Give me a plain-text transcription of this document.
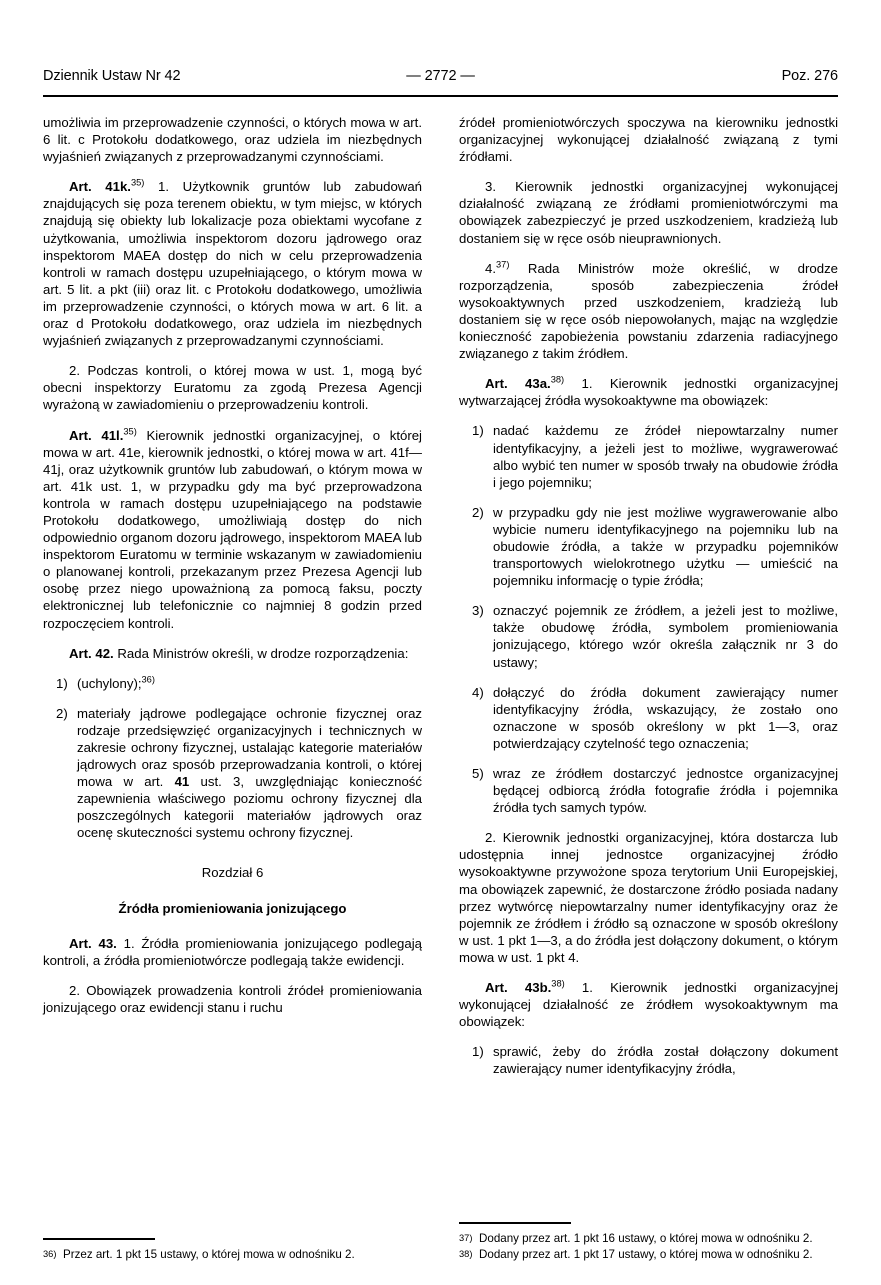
Dziennik Ustaw Nr 42	— 2772 —	Poz. 276

umożliwia im przeprowadzenie czynności, o których mowa w art. 6 lit. c Protokołu dodatkowego, oraz udziela im niezbędnych wyjaśnień związanych z przeprowadzanymi czynnościami.

Art. 41k.$^{35)}$ 1. Użytkownik gruntów lub zabudowań znajdujących się poza terenem obiektu, w tym miejsc, w których znajdują się obiekty lub lokalizacje poza obiektami wycofane z użytkowania, umożliwia inspektorom dozoru jądrowego oraz inspektorom MAEA dostęp do nich w celu przeprowadzenia kontroli w ramach dostępu uzupełniającego, o którym mowa w art. 5 lit. a pkt (iii) oraz lit. c Protokołu dodatkowego, umożliwia im przeprowadzenie czynności, o których mowa w art. 6 lit. a oraz d Protokołu dodatkowego, oraz udziela im niezbędnych wyjaśnień związanych z przeprowadzanymi czynnościami.

2. Podczas kontroli, o której mowa w ust. 1, mogą być obecni inspektorzy Euratomu za zgodą Prezesa Agencji wyrażoną w zawiadomieniu o przeprowadzeniu kontroli.

Art. 41l.$^{35)}$ Kierownik jednostki organizacyjnej, o której mowa w art. 41e, kierownik jednostki, o której mowa w art. 41f—41j, oraz użytkownik gruntów lub zabudowań, o którym mowa w art. 41k ust. 1, w przypadku gdy ma być przeprowadzona kontrola w ramach dostępu uzupełniającego na podstawie Protokołu dodatkowego, umożliwiają dostęp do nich odpowiednio organom dozoru jądrowego, inspektorom MAEA lub inspektorom Euratomu w terminie wskazanym w zawiadomieniu o planowanej kontroli, przekazanym przez Prezesa Agencji lub osobę przez niego upoważnioną za pomocą faksu, poczty elektronicznej lub telefonicznie co najmniej 8 godzin przed rozpoczęciem kontroli.

Art. 42. Rada Ministrów określi, w drodze rozporządzenia:

1) (uchylony);$^{36)}$
2) materiały jądrowe podlegające ochronie fizycznej oraz rodzaje przedsięwzięć organizacyjnych i technicznych w zakresie ochrony fizycznej, ustalając kategorie materiałów jądrowych oraz sposób przeprowadzania kontroli, o której mowa w art. 41 ust. 3, uwzględniając konieczność zapewnienia właściwego poziomu ochrony fizycznej dla poszczególnych kategorii materiałów jądrowych oraz ocenę skuteczności systemu ochrony fizycznej.

Rozdział 6

Źródła promieniowania jonizującego

Art. 43. 1. Źródła promieniowania jonizującego podlegają kontroli, a źródła promieniotwórcze podlegają także ewidencji.

2. Obowiązek prowadzenia kontroli źródeł promieniowania jonizującego oraz ewidencji stanu i ruchu

źródeł promieniotwórczych spoczywa na kierowniku jednostki organizacyjnej wykonującej działalność związaną z tymi źródłami.

3. Kierownik jednostki organizacyjnej wykonującej działalność związaną ze źródłami promieniotwórczymi ma obowiązek zabezpieczyć je przed uszkodzeniem, kradzieżą lub dostaniem się w ręce osób nieuprawnionych.

4.$^{37)}$ Rada Ministrów może określić, w drodze rozporządzenia, sposób zabezpieczenia źródeł wysokoaktywnych przed uszkodzeniem, kradzieżą lub dostaniem się w ręce osób niepowołanych, mając na względzie konieczność zapobieżenia powstaniu zdarzenia radiacyjnego związanego z takim źródłem.

Art. 43a.$^{38)}$ 1. Kierownik jednostki organizacyjnej wytwarzającej źródła wysokoaktywne ma obowiązek:

1) nadać każdemu ze źródeł niepowtarzalny numer identyfikacyjny, a jeżeli jest to możliwe, wygrawerować albo wybić ten numer w sposób trwały na obudowie źródła i jego pojemniku;
2) w przypadku gdy nie jest możliwe wygrawerowanie albo wybicie numeru identyfikacyjnego na pojemniku lub na obudowie źródła, a także w przypadku pojemników transportowych wielokrotnego użytku — umieścić na pojemniku informację o typie źródła;
3) oznaczyć pojemnik ze źródłem, a jeżeli jest to możliwe, także obudowę źródła, symbolem promieniowania jonizującego, którego wzór określa załącznik nr 3 do ustawy;
4) dołączyć do źródła dokument zawierający numer identyfikacyjny źródła, wskazujący, że zostało ono oznaczone w sposób określony w pkt 1—3, oraz potwierdzający czytelność tego oznaczenia;
5) wraz ze źródłem dostarczyć jednostce organizacyjnej będącej odbiorcą źródła fotografie źródła i pojemnika źródła tych samych typów.

2. Kierownik jednostki organizacyjnej, która dostarcza lub udostępnia innej jednostce organizacyjnej źródło wysokoaktywne przywożone spoza terytorium Unii Europejskiej, ma obowiązek zapewnić, że dostarczone źródło posiada nadany przez wytwórcę niepowtarzalny numer identyfikacyjny oraz że pojemnik ze źródłem i źródło są oznaczone w sposób określony w ust. 1 pkt 1—3, a do źródła jest dołączony dokument, o którym mowa w ust. 1 pkt 4.

Art. 43b.$^{38)}$ 1. Kierownik jednostki organizacyjnej wykonującej działalność ze źródłem wysokoaktywnym ma obowiązek:

1) sprawić, żeby do źródła został dołączony dokument zawierający numer identyfikacyjny źródła,
36) Przez art. 1 pkt 15 ustawy, o której mowa w odnośniku 2.
37) Dodany przez art. 1 pkt 16 ustawy, o której mowa w odnośniku 2.
38) Dodany przez art. 1 pkt 17 ustawy, o której mowa w odnośniku 2.
